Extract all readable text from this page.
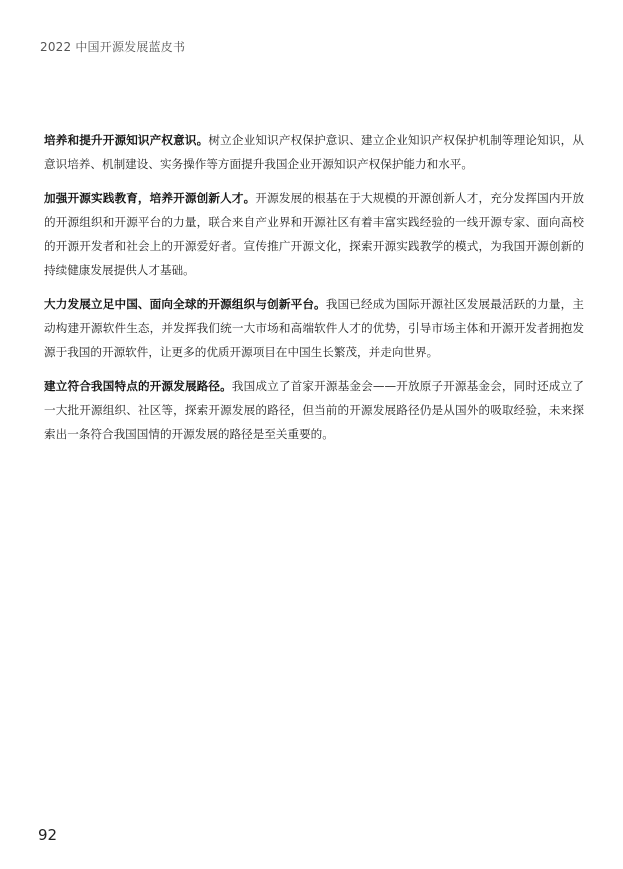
2022 中国开源发展蓝皮书

培养和提升开源知识产权意识。树立企业知识产权保护意识、建立企业知识产权保护机制等理论知识，从意识培养、机制建设、实务操作等方面提升我国企业开源知识产权保护能力和水平。

加强开源实践教育，培养开源创新人才。开源发展的根基在于大规模的开源创新人才，充分发挥国内开放的开源组织和开源平台的力量，联合来自产业界和开源社区有着丰富实践经验的一线开源专家、面向高校的开源开发者和社会上的开源爱好者。宣传推广开源文化，探索开源实践教学的模式，为我国开源创新的持续健康发展提供人才基础。

大力发展立足中国、面向全球的开源组织与创新平台。我国已经成为国际开源社区发展最活跃的力量，主动构建开源软件生态，并发挥我们统一大市场和高端软件人才的优势，引导市场主体和开源开发者拥抱发源于我国的开源软件，让更多的优质开源项目在中国生长繁茂，并走向世界。

建立符合我国特点的开源发展路径。我国成立了首家开源基金会——开放原子开源基金会，同时还成立了一大批开源组织、社区等，探索开源发展的路径，但当前的开源发展路径仍是从国外的吸取经验，未来探索出一条符合我国国情的开源发展的路径是至关重要的。

92
